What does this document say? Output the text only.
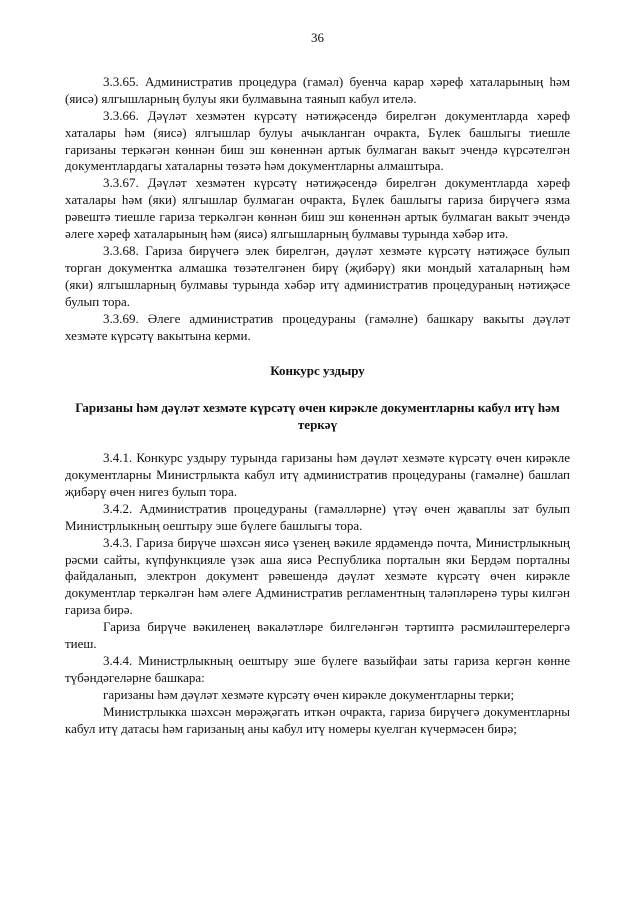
36

3.3.65. Административ процедура (гамәл) буенча карар хәреф хаталарының һәм (яисә) ялгышларның булуы яки булмавына таянып кабул ителә.

3.3.66. Дәүләт хезмәтен күрсәтү нәтиҗәсендә бирелгән документларда хәреф хаталары һәм (яисә) ялгышлар булуы ачыкланган очракта, Бүлек башлыгы тиешле гаризаны теркәгән көннән биш эш көненнән артык булмаган вакыт эчендә күрсәтелгән документлардагы хаталарны төзәтә һәм документларны алмаштыра.

3.3.67. Дәүләт хезмәтен күрсәтү нәтиҗәсендә бирелгән документларда хәреф хаталары һәм (яки) ялгышлар булмаган очракта, Бүлек башлыгы гариза бирүчегә язма рәвештә тиешле гариза теркәлгән көннән биш эш көненнән артык булмаган вакыт эчендә әлеге хәреф хаталарының һәм (яисә) ялгышларның булмавы турында хәбәр итә.

3.3.68. Гариза бирүчегә элек бирелгән, дәүләт хезмәте күрсәтү нәтиҗәсе булып торган документка алмашка төзәтелгәнен бирү (җибәрү) яки мондый хаталарның һәм (яки) ялгышларның булмавы турында хәбәр итү административ процедураның нәтиҗәсе булып тора.

3.3.69. Әлеге административ процедураны (гамәлне) башкару вакыты дәүләт хезмәте күрсәтү вакытына керми.

Конкурс уздыру
Гаризаны һәм дәүләт хезмәте күрсәтү өчен кирәкле документларны кабул итү һәм теркәү

3.4.1. Конкурс уздыру турында гаризаны һәм дәүләт хезмәте күрсәтү өчен кирәкле документларны Министрлыкта кабул итү административ процедураны (гамәлне) башлап җибәрү өчен нигез булып тора.

3.4.2. Административ процедураны (гамәлләрне) үтәү өчен җаваплы зат булып Министрлыкның оештыру эше бүлеге башлыгы тора.

3.4.3. Гариза бирүче шәхсән яисә үзенең вәкиле ярдәмендә почта, Министрлыкның рәсми сайты, күпфункцияле үзәк аша яисә Республика порталын яки Бердәм порталны файдаланып, электрон документ рәвешендә дәүләт хезмәте күрсәтү өчен кирәкле документлар теркәлгән һәм әлеге Административ регламентның таләпләренә туры килгән гариза бирә.

Гариза бирүче вәкиленең вәкаләтләре билгеләнгән тәртиптә рәсмиләштерелергә тиеш.

3.4.4. Министрлыкның оештыру эше бүлеге вазыйфаи заты гариза кергән көнне түбәндәгеләрне башкара:

гаризаны һәм дәүләт хезмәте күрсәтү өчен кирәкле документларны терки;

Министрлыкка шәхсән мөрәҗәгать иткән очракта, гариза бирүчегә документларны кабул итү датасы һәм гаризаның аны кабул итү номеры куелган күчермәсен бирә;
